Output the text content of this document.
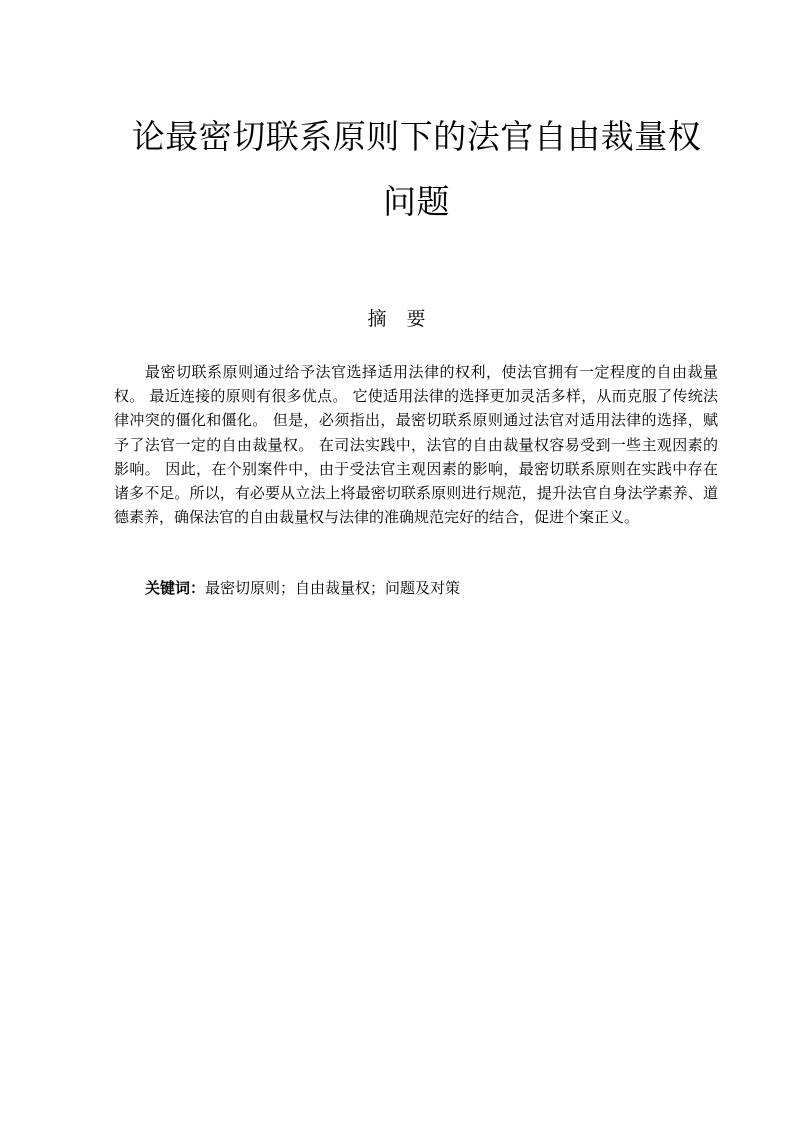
论最密切联系原则下的法官自由裁量权
问题
摘要

最密切联系原则通过给予法官选择适用法律的权利，使法官拥有一定程度的自由裁量权。 最近连接的原则有很多优点。 它使适用法律的选择更加灵活多样，从而克服了传统法律冲突的僵化和僵化。 但是，必须指出，最密切联系原则通过法官对适用法律的选择，赋予了法官一定的自由裁量权。 在司法实践中，法官的自由裁量权容易受到一些主观因素的影响。 因此，在个别案件中，由于受法官主观因素的影响，最密切联系原则在实践中存在诸多不足。所以，有必要从立法上将最密切联系原则进行规范，提升法官自身法学素养、道德素养，确保法官的自由裁量权与法律的准确规范完好的结合，促进个案正义。

关键词：最密切原则；自由裁量权；问题及对策
